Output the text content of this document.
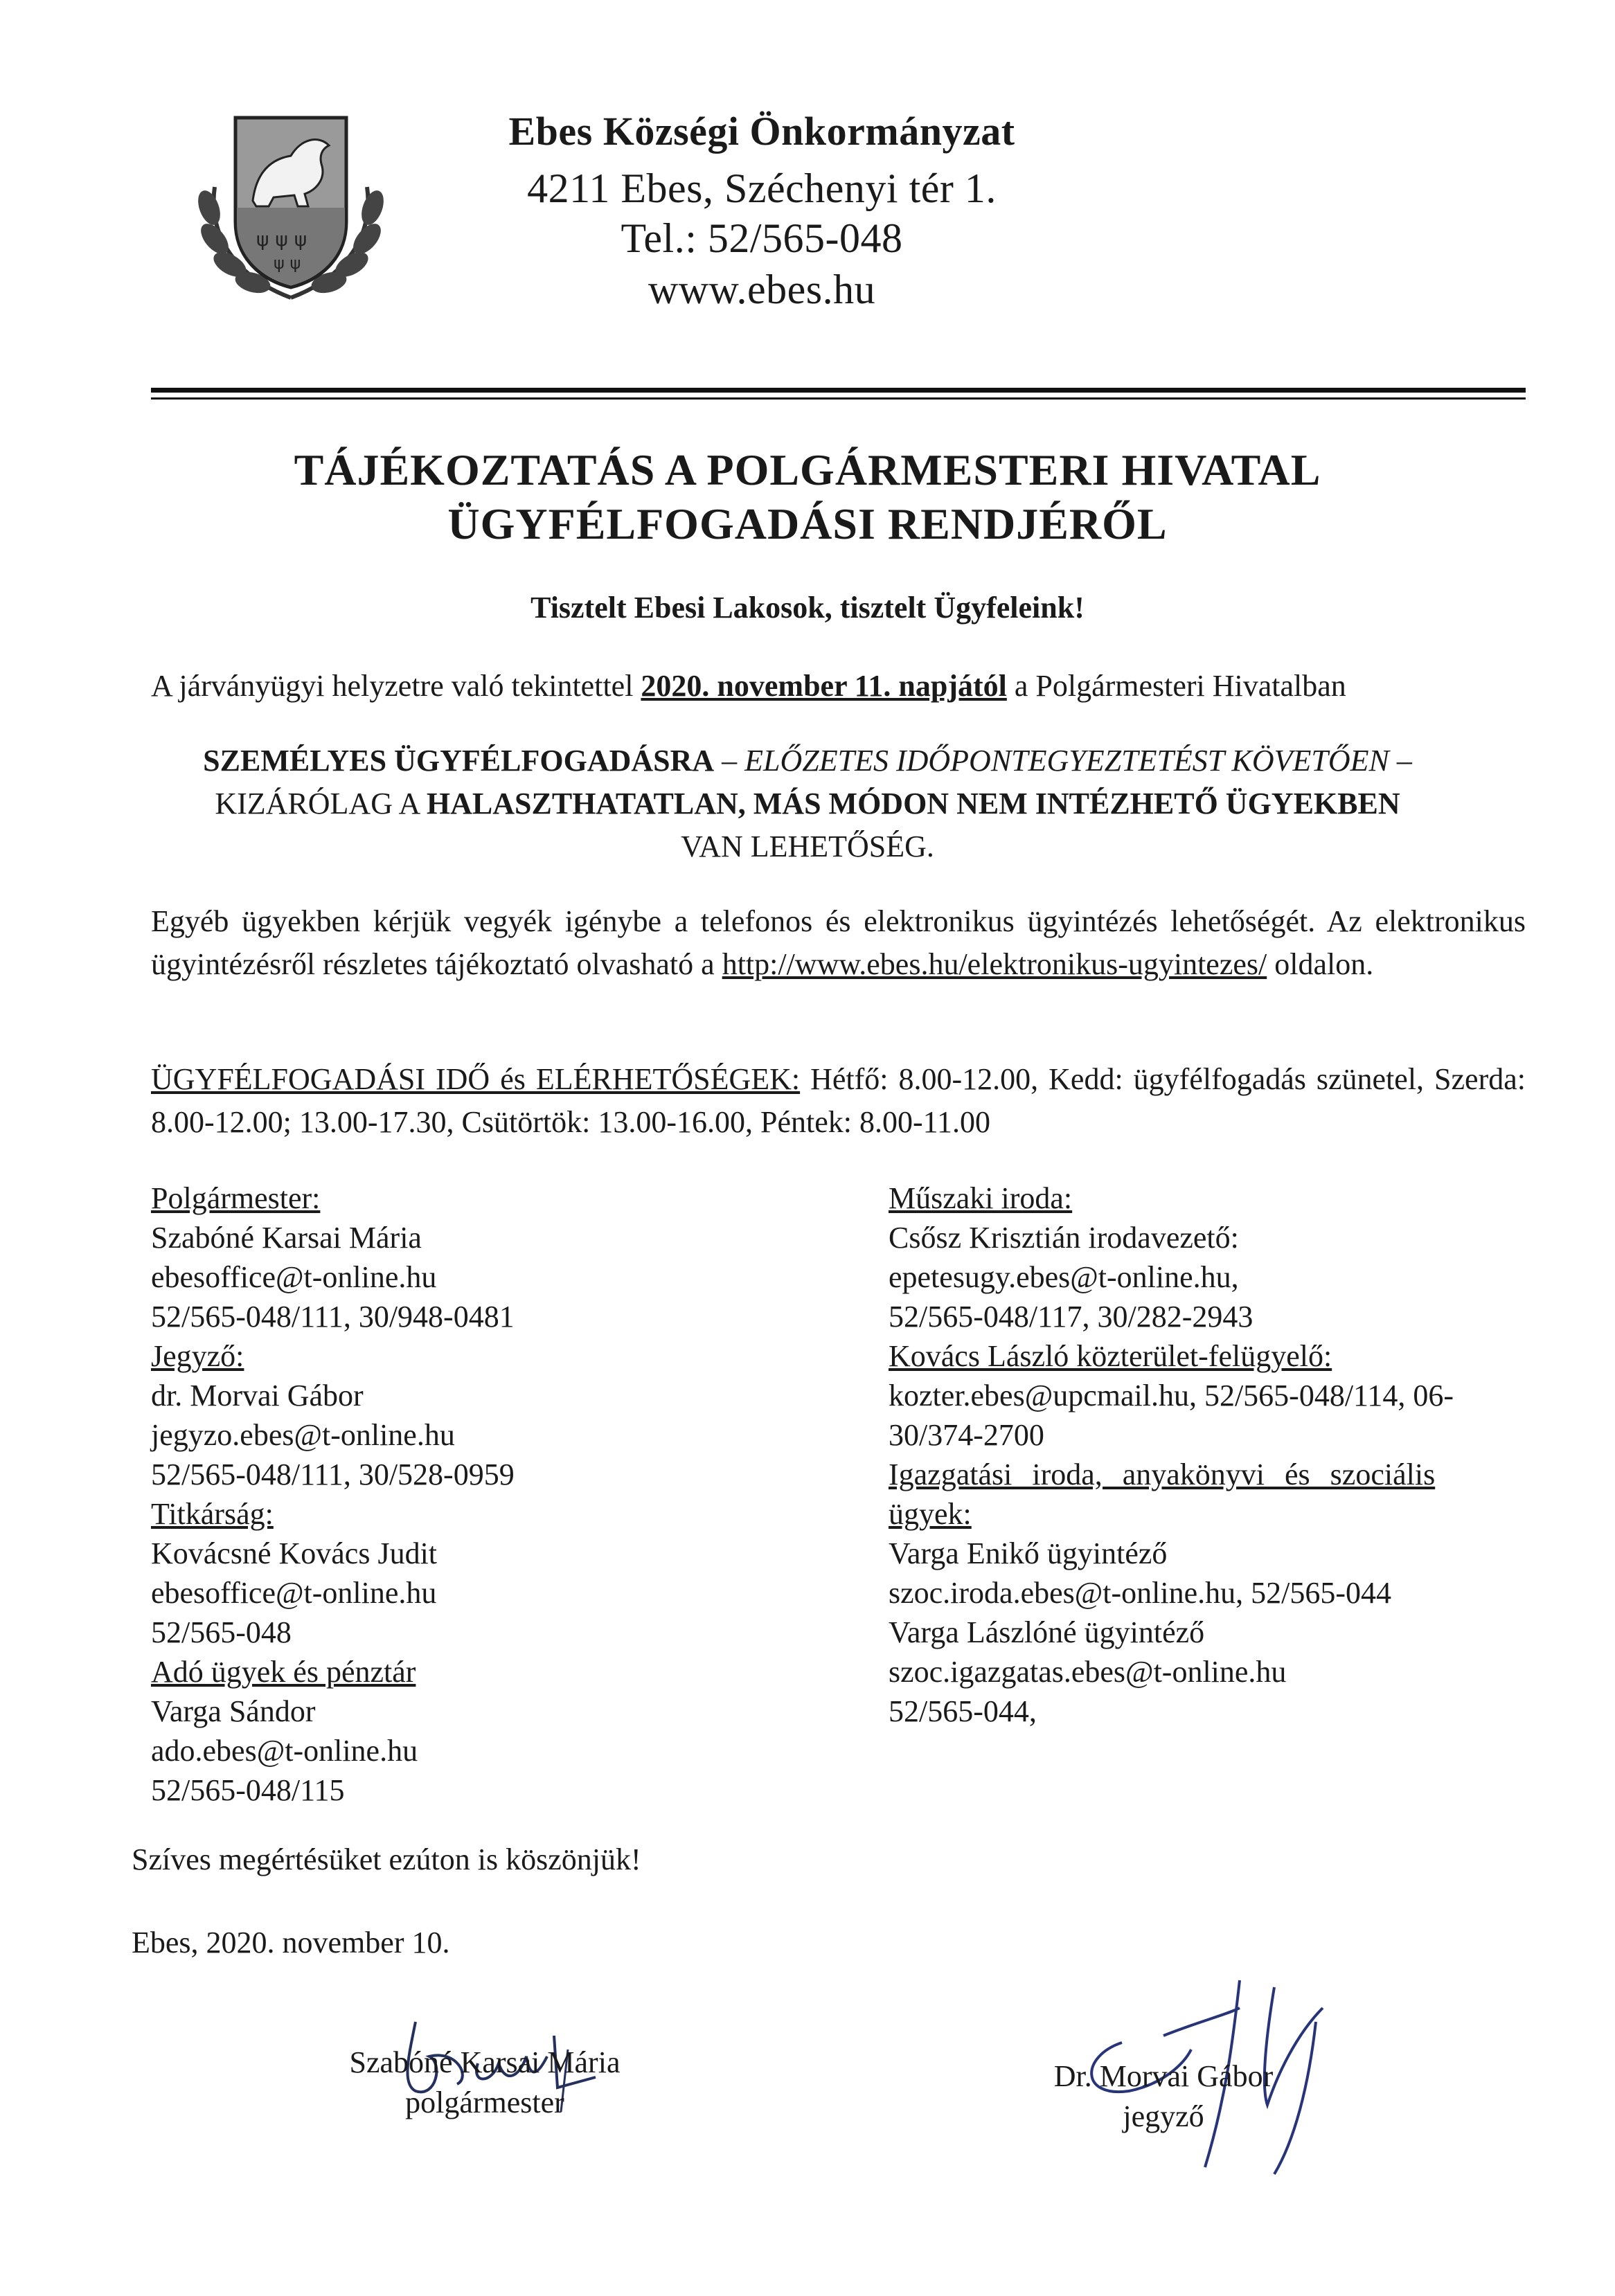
ψ ψ ψ
ψ ψ
Ebes Községi Önkormányzat
4211 Ebes, Széchenyi tér 1.
Tel.: 52/565-048
www.ebes.hu
TÁJÉKOZTATÁS A POLGÁRMESTERI HIVATAL
ÜGYFÉLFOGADÁSI RENDJÉRŐL
Tisztelt Ebesi Lakosok, tisztelt Ügyfeleink!
A járványügyi helyzetre való tekintettel 2020. november 11. napjától a Polgármesteri Hivatalban
SZEMÉLYES ÜGYFÉLFOGADÁSRA – ELŐZETES IDŐPONTEGYEZTETÉST KÖVETŐEN –
KIZÁRÓLAG A HALASZTHATATLAN, MÁS MÓDON NEM INTÉZHETŐ ÜGYEKBEN
VAN LEHETŐSÉG.
Egyéb ügyekben kérjük vegyék igénybe a telefonos és elektronikus ügyintézés lehetőségét. Az elektronikus ügyintézésről részletes tájékoztató olvasható a http://www.ebes.hu/elektronikus-ugyintezes/ oldalon.
ÜGYFÉLFOGADÁSI IDŐ és ELÉRHETŐSÉGEK: Hétfő: 8.00-12.00, Kedd: ügyfélfogadás szünetel, Szerda: 8.00-12.00; 13.00-17.30, Csütörtök: 13.00-16.00, Péntek: 8.00-11.00
Polgármester:
Szabóné Karsai Mária
ebesoffice@t-online.hu
52/565-048/111, 30/948-0481
Jegyző:
dr. Morvai Gábor
jegyzo.ebes@t-online.hu
52/565-048/111, 30/528-0959
Titkárság:
Kovácsné Kovács Judit
ebesoffice@t-online.hu
52/565-048
Adó ügyek és pénztár
Varga Sándor
ado.ebes@t-online.hu
52/565-048/115
Műszaki iroda:
Csősz Krisztián irodavezető:
epetesugy.ebes@t-online.hu,
52/565-048/117, 30/282-2943
Kovács László közterület-felügyelő:
kozter.ebes@upcmail.hu, 52/565-048/114, 06-
30/374-2700
Igazgatási iroda, anyakönyvi és szociális
ügyek:
Varga Enikő ügyintéző
szoc.iroda.ebes@t-online.hu, 52/565-044
Varga Lászlóné ügyintéző
szoc.igazgatas.ebes@t-online.hu
52/565-044,
Szíves megértésüket ezúton is köszönjük!
Ebes, 2020. november 10.
Szabóné Karsai Mária
polgármester
Dr. Morvai Gábor
jegyző
